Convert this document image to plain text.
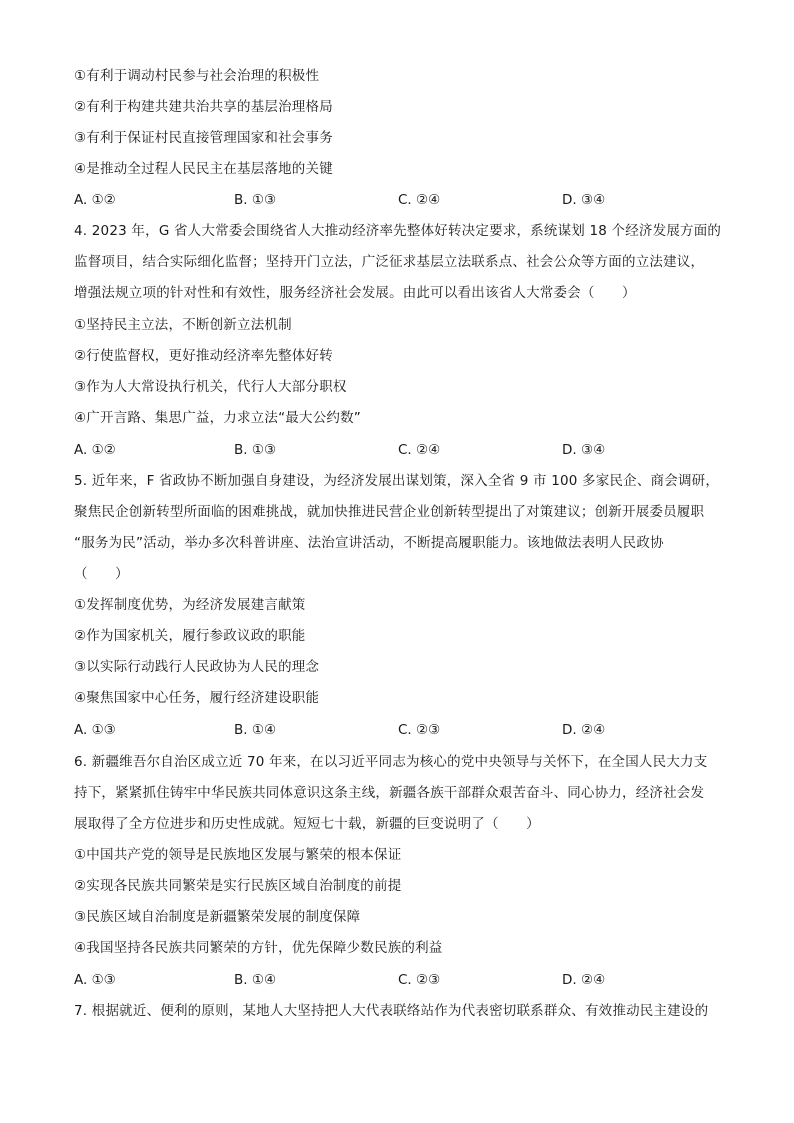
①有利于调动村民参与社会治理的积极性
②有利于构建共建共治共享的基层治理格局
③有利于保证村民直接管理国家和社会事务
④是推动全过程人民民主在基层落地的关键
A. ①②	B. ①③	C. ②④	D. ③④
4. 2023 年，G 省人大常委会围绕省人大推动经济率先整体好转决定要求，系统谋划 18 个经济发展方面的
监督项目，结合实际细化监督；坚持开门立法，广泛征求基层立法联系点、社会公众等方面的立法建议，
增强法规立项的针对性和有效性，服务经济社会发展。由此可以看出该省人大常委会（　　）
①坚持民主立法，不断创新立法机制
②行使监督权，更好推动经济率先整体好转
③作为人大常设执行机关，代行人大部分职权
④广开言路、集思广益，力求立法“最大公约数”
A. ①②	B. ①③	C. ②④	D. ③④
5. 近年来，F 省政协不断加强自身建设，为经济发展出谋划策，深入全省 9 市 100 多家民企、商会调研，
聚焦民企创新转型所面临的困难挑战，就加快推进民营企业创新转型提出了对策建议；创新开展委员履职
“服务为民”活动，举办多次科普讲座、法治宣讲活动，不断提高履职能力。该地做法表明人民政协
（　　）
①发挥制度优势，为经济发展建言献策
②作为国家机关，履行参政议政的职能
③以实际行动践行人民政协为人民的理念
④聚焦国家中心任务，履行经济建设职能
A. ①③	B. ①④	C. ②③	D. ②④
6. 新疆维吾尔自治区成立近 70 年来，在以习近平同志为核心的党中央领导与关怀下，在全国人民大力支
持下，紧紧抓住铸牢中华民族共同体意识这条主线，新疆各族干部群众艰苦奋斗、同心协力，经济社会发
展取得了全方位进步和历史性成就。短短七十载，新疆的巨变说明了（　　）
①中国共产党的领导是民族地区发展与繁荣的根本保证
②实现各民族共同繁荣是实行民族区域自治制度的前提
③民族区域自治制度是新疆繁荣发展的制度保障
④我国坚持各民族共同繁荣的方针，优先保障少数民族的利益
A. ①③	B. ①④	C. ②③	D. ②④
7. 根据就近、便利的原则，某地人大坚持把人大代表联络站作为代表密切联系群众、有效推动民主建设的
